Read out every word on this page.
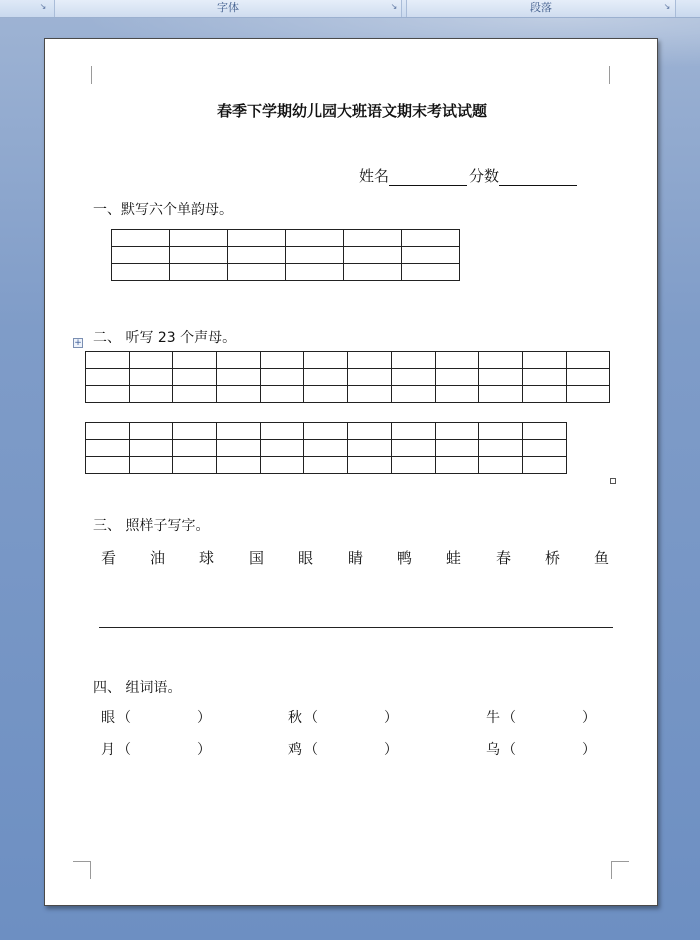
字体	↘	段落	↘
↘
春季下学期幼儿园大班语文期末考试试题
姓名	分数
一、默写六个单韵母。

+ 二、 听写 23 个声母。

三、 照样子写字。
看 油 球 国 眼 睛 鸭 蛙 春 桥 鱼
四、 组词语。
眼 （	）	秋 （	）	牛 （	）
月 （	）	鸡 （	）	乌 （	）
